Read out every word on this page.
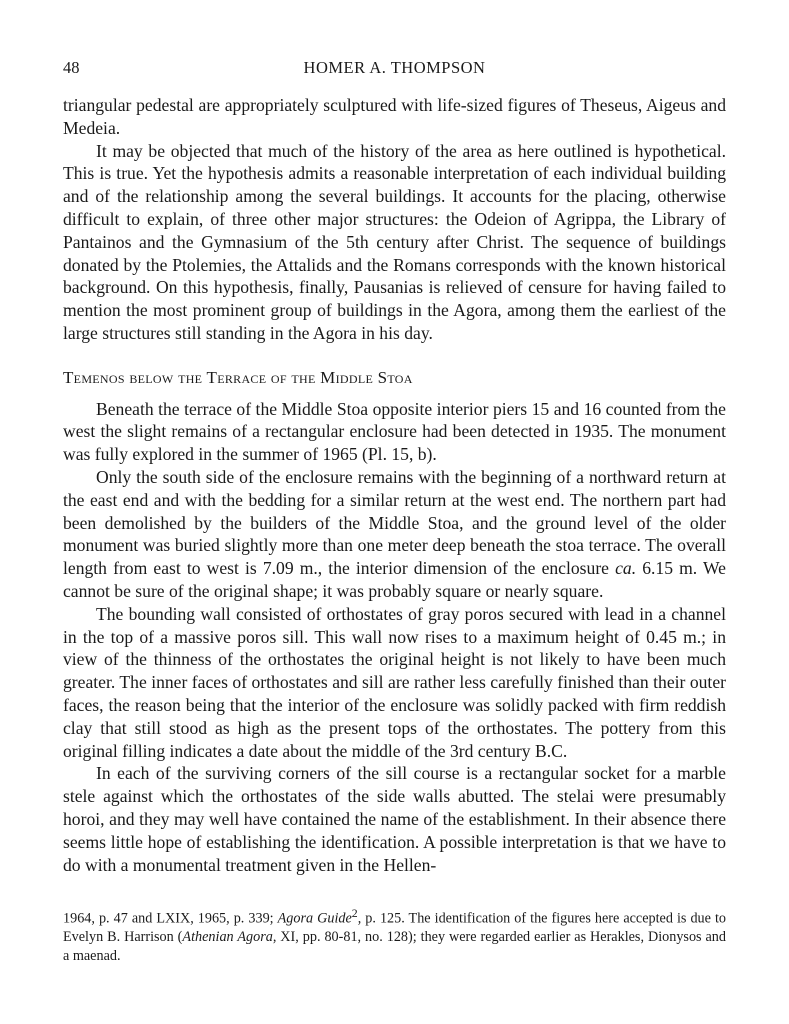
48	HOMER A. THOMPSON

triangular pedestal are appropriately sculptured with life-sized figures of Theseus, Aigeus and Medeia.

It may be objected that much of the history of the area as here outlined is hypothetical. This is true. Yet the hypothesis admits a reasonable interpretation of each individual building and of the relationship among the several buildings. It accounts for the placing, otherwise difficult to explain, of three other major structures: the Odeion of Agrippa, the Library of Pantainos and the Gymnasium of the 5th century after Christ. The sequence of buildings donated by the Ptolemies, the Attalids and the Romans corresponds with the known historical background. On this hypothesis, finally, Pausanias is relieved of censure for having failed to mention the most prominent group of buildings in the Agora, among them the earliest of the large structures still standing in the Agora in his day.

Temenos below the Terrace of the Middle Stoa

Beneath the terrace of the Middle Stoa opposite interior piers 15 and 16 counted from the west the slight remains of a rectangular enclosure had been detected in 1935. The monument was fully explored in the summer of 1965 (Pl. 15, b).

Only the south side of the enclosure remains with the beginning of a northward return at the east end and with the bedding for a similar return at the west end. The northern part had been demolished by the builders of the Middle Stoa, and the ground level of the older monument was buried slightly more than one meter deep beneath the stoa terrace. The overall length from east to west is 7.09 m., the interior dimension of the enclosure ca. 6.15 m. We cannot be sure of the original shape; it was probably square or nearly square.

The bounding wall consisted of orthostates of gray poros secured with lead in a channel in the top of a massive poros sill. This wall now rises to a maximum height of 0.45 m.; in view of the thinness of the orthostates the original height is not likely to have been much greater. The inner faces of orthostates and sill are rather less carefully finished than their outer faces, the reason being that the interior of the enclosure was solidly packed with firm reddish clay that still stood as high as the present tops of the orthostates. The pottery from this original filling indicates a date about the middle of the 3rd century B.C.

In each of the surviving corners of the sill course is a rectangular socket for a marble stele against which the orthostates of the side walls abutted. The stelai were presumably horoi, and they may well have contained the name of the establishment. In their absence there seems little hope of establishing the identification. A possible interpretation is that we have to do with a monumental treatment given in the Hellen-

1964, p. 47 and LXIX, 1965, p. 339; Agora Guide$^2$, p. 125. The identification of the figures here accepted is due to Evelyn B. Harrison (Athenian Agora, XI, pp. 80-81, no. 128); they were regarded earlier as Herakles, Dionysos and a maenad.
